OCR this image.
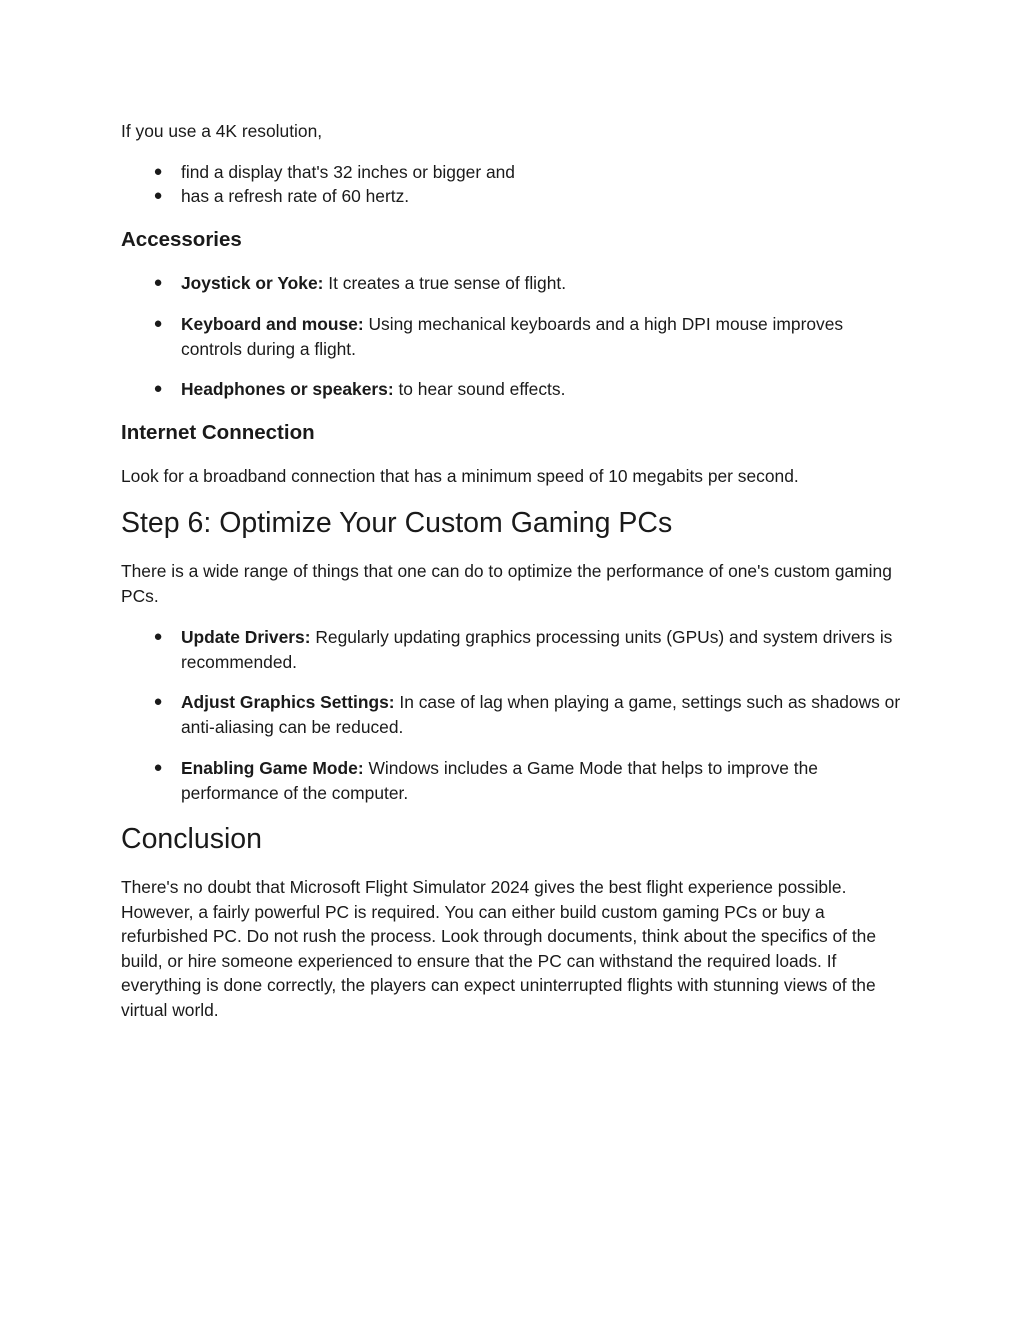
If you use a 4K resolution,

● find a display that's 32 inches or bigger and
● has a refresh rate of 60 hertz.
Accessories
● Joystick or Yoke: It creates a true sense of flight.
● Keyboard and mouse: Using mechanical keyboards and a high DPI mouse improves controls during a flight.
● Headphones or speakers: to hear sound effects.
Internet Connection

Look for a broadband connection that has a minimum speed of 10 megabits per second.

Step 6: Optimize Your Custom Gaming PCs

There is a wide range of things that one can do to optimize the performance of one's custom gaming PCs.

● Update Drivers: Regularly updating graphics processing units (GPUs) and system drivers is recommended.
● Adjust Graphics Settings: In case of lag when playing a game, settings such as shadows or anti-aliasing can be reduced.
● Enabling Game Mode: Windows includes a Game Mode that helps to improve the performance of the computer.
Conclusion

There's no doubt that Microsoft Flight Simulator 2024 gives the best flight experience possible. However, a fairly powerful PC is required. You can either build custom gaming PCs or buy a refurbished PC. Do not rush the process. Look through documents, think about the specifics of the build, or hire someone experienced to ensure that the PC can withstand the required loads. If everything is done correctly, the players can expect uninterrupted flights with stunning views of the virtual world.
